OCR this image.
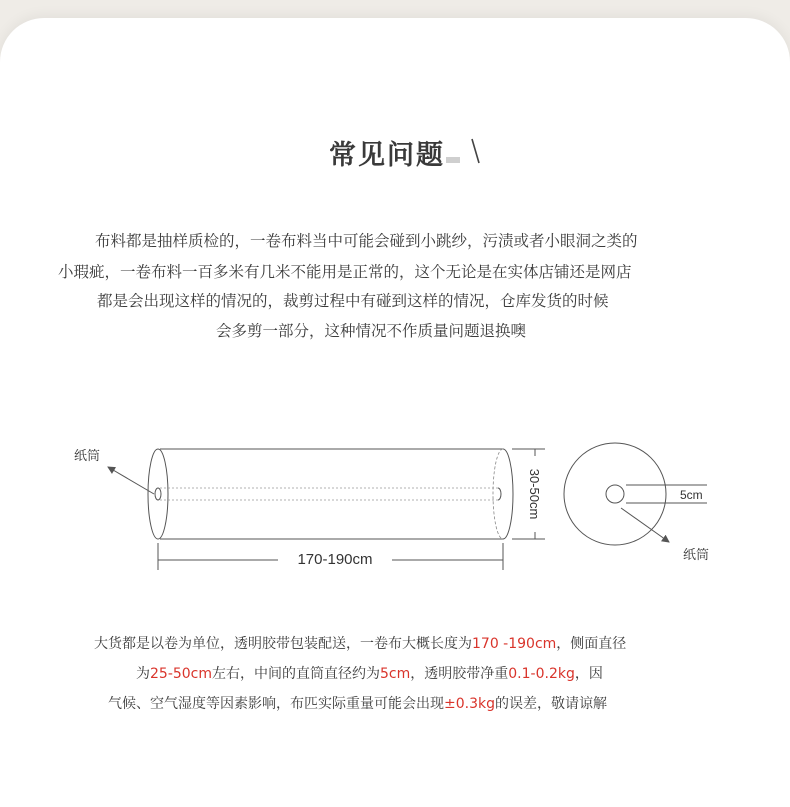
常见问题
布料都是抽样质检的，一卷布料当中可能会碰到小跳纱，污渍或者小眼洞之类的
小瑕疵，一卷布料一百多米有几米不能用是正常的，这个无论是在实体店铺还是网店
都是会出现这样的情况的，裁剪过程中有碰到这样的情况，仓库发货的时候
会多剪一部分，这种情况不作质量问题退换噢
纸筒
170-190cm
30-50cm	5cm
纸筒
大货都是以卷为单位，透明胶带包装配送，一卷布大概长度为170 -190cm，侧面直径
为25-50cm左右，中间的直筒直径约为5cm，透明胶带净重0.1-0.2kg，因
气候、空气湿度等因素影响，布匹实际重量可能会出现±0.3kg的误差，敬请谅解
